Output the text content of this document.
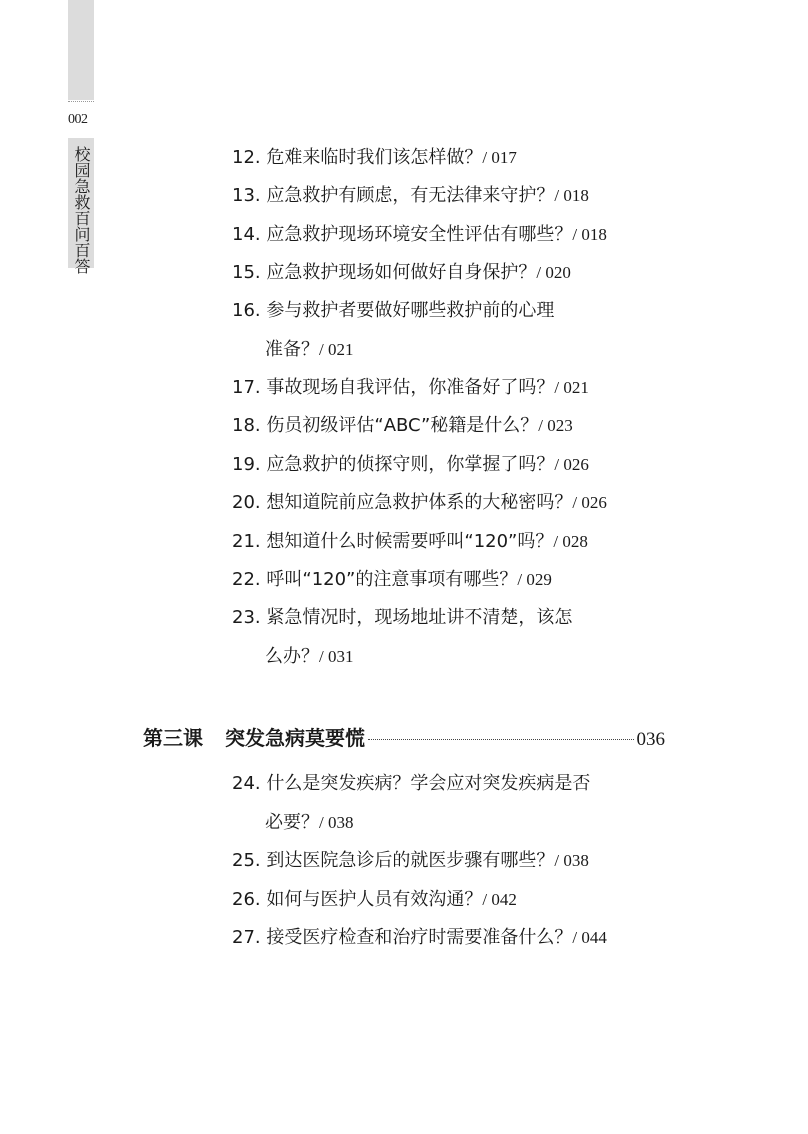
002
校园急救百问百答	12. 危难来临时我们该怎样做？/ 017
13. 应急救护有顾虑，有无法律来守护？/ 018
14. 应急救护现场环境安全性评估有哪些？/ 018
15. 应急救护现场如何做好自身保护？/ 020
16. 参与救护者要做好哪些救护前的心理
准备？/ 021
17. 事故现场自我评估，你准备好了吗？/ 021
18. 伤员初级评估“ABC”秘籍是什么？/ 023
19. 应急救护的侦探守则，你掌握了吗？/ 026
20. 想知道院前应急救护体系的大秘密吗？/ 026
21. 想知道什么时候需要呼叫“120”吗？/ 028
22. 呼叫“120”的注意事项有哪些？/ 029
23. 紧急情况时，现场地址讲不清楚，该怎
么办？/ 031
第三课 突发急病莫要慌	036
24. 什么是突发疾病？学会应对突发疾病是否
必要？/ 038
25. 到达医院急诊后的就医步骤有哪些？/ 038
26. 如何与医护人员有效沟通？/ 042
27. 接受医疗检查和治疗时需要准备什么？/ 044
